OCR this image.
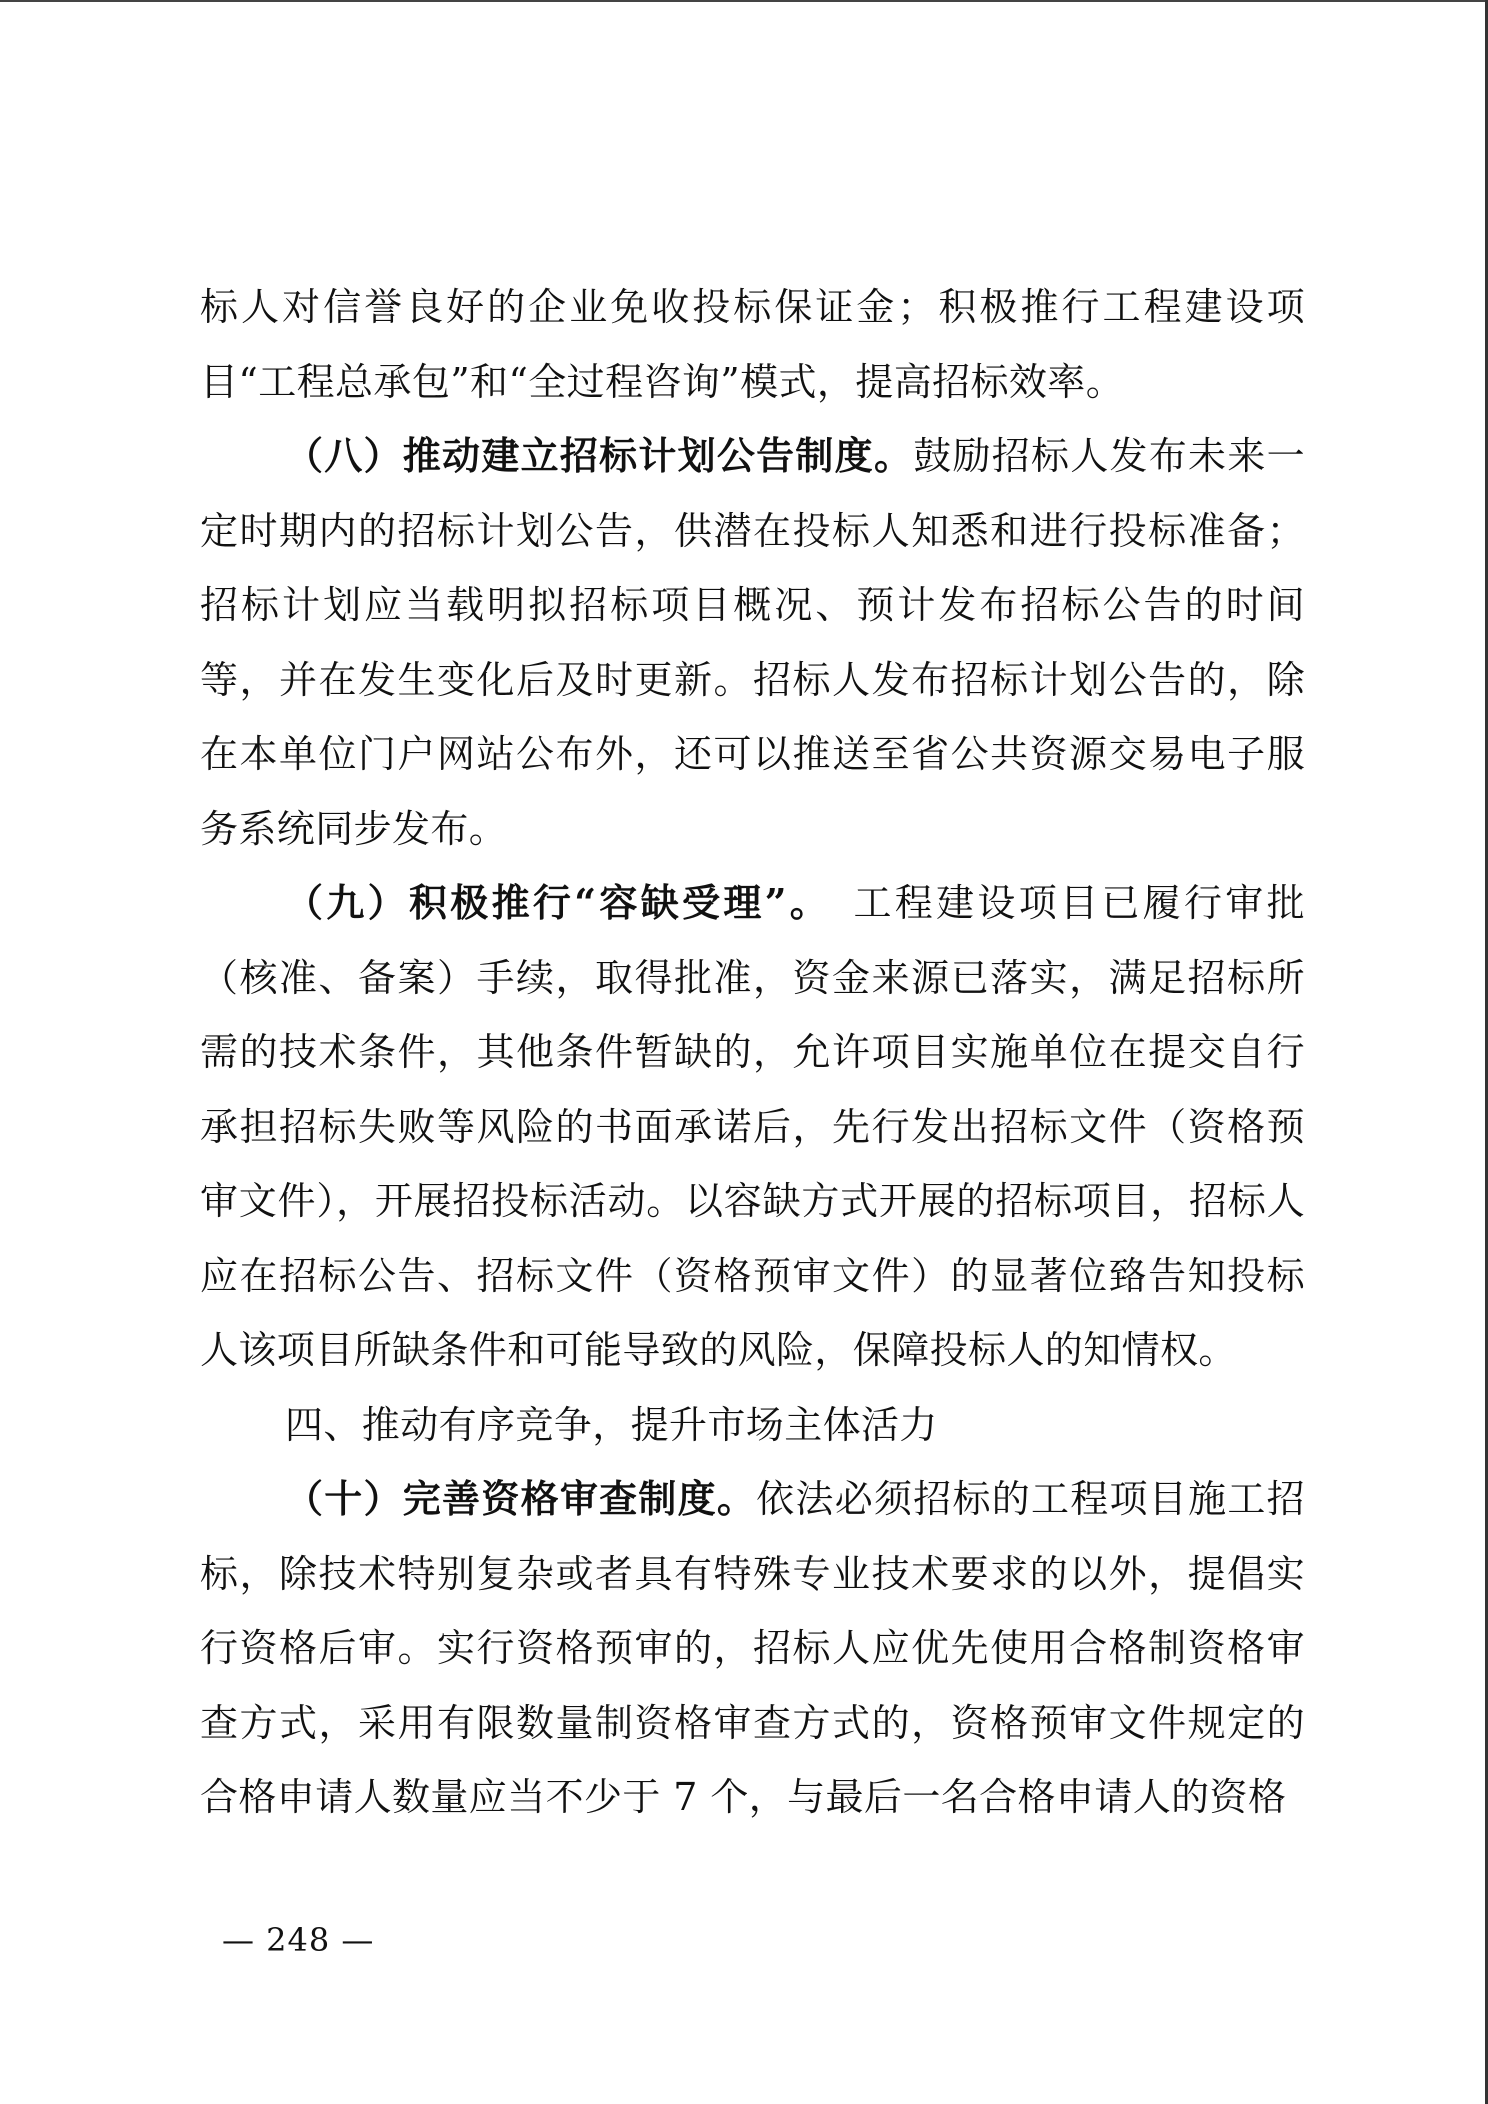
标人对信誉良好的企业免收投标保证金；积极推行工程建设项目“工程总承包”和“全过程咨询”模式，提高招标效率。

（八）推动建立招标计划公告制度。鼓励招标人发布未来一定时期内的招标计划公告，供潜在投标人知悉和进行投标准备；招标计划应当载明拟招标项目概况、预计发布招标公告的时间等，并在发生变化后及时更新。招标人发布招标计划公告的，除在本单位门户网站公布外，还可以推送至省公共资源交易电子服务系统同步发布。

（九）积极推行“容缺受理”。　工程建设项目已履行审批（核准、备案）手续，取得批准，资金来源已落实，满足招标所需的技术条件，其他条件暂缺的，允许项目实施单位在提交自行承担招标失败等风险的书面承诺后，先行发出招标文件（资格预审文件），开展招投标活动。以容缺方式开展的招标项目，招标人应在招标公告、招标文件（资格预审文件）的显著位臵告知投标人该项目所缺条件和可能导致的风险，保障投标人的知情权。

四、推动有序竞争，提升市场主体活力

（十）完善资格审查制度。依法必须招标的工程项目施工招标，除技术特别复杂或者具有特殊专业技术要求的以外，提倡实行资格后审。实行资格预审的，招标人应优先使用合格制资格审查方式，采用有限数量制资格审查方式的，资格预审文件规定的合格申请人数量应当不少于 7 个，与最后一名合格申请人的资格

— 248 —
